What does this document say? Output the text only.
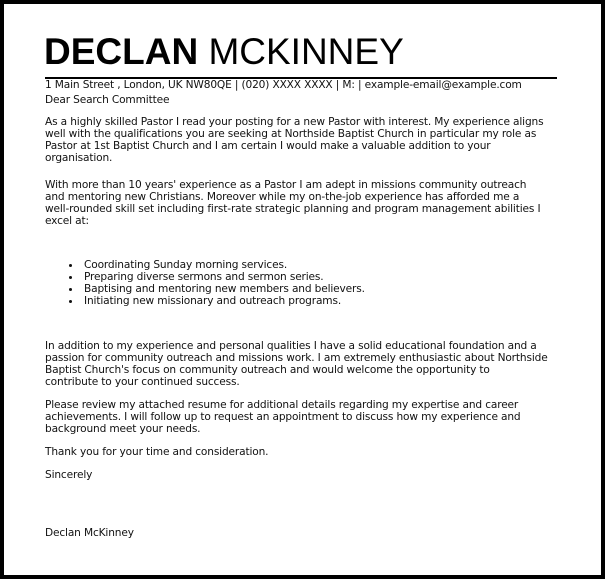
DECLAN MCKINNEY
1 Main Street , London, UK NW80QE | (020) XXXX XXXX | M: | example-email@example.com
Dear Search Committee
As a highly skilled Pastor I read your posting for a new Pastor with interest. My experience aligns
well with the qualifications you are seeking at Northside Baptist Church in particular my role as
Pastor at 1st Baptist Church and I am certain I would make a valuable addition to your
organisation.
With more than 10 years' experience as a Pastor I am adept in missions community outreach
and mentoring new Christians. Moreover while my on-the-job experience has afforded me a
well-rounded skill set including first-rate strategic planning and program management abilities I
excel at:
Coordinating Sunday morning services.
Preparing diverse sermons and sermon series.
Baptising and mentoring new members and believers.
Initiating new missionary and outreach programs.
In addition to my experience and personal qualities I have a solid educational foundation and a
passion for community outreach and missions work. I am extremely enthusiastic about Northside
Baptist Church's focus on community outreach and would welcome the opportunity to
contribute to your continued success.
Please review my attached resume for additional details regarding my expertise and career
achievements. I will follow up to request an appointment to discuss how my experience and
background meet your needs.
Thank you for your time and consideration.
Sincerely
Declan McKinney
